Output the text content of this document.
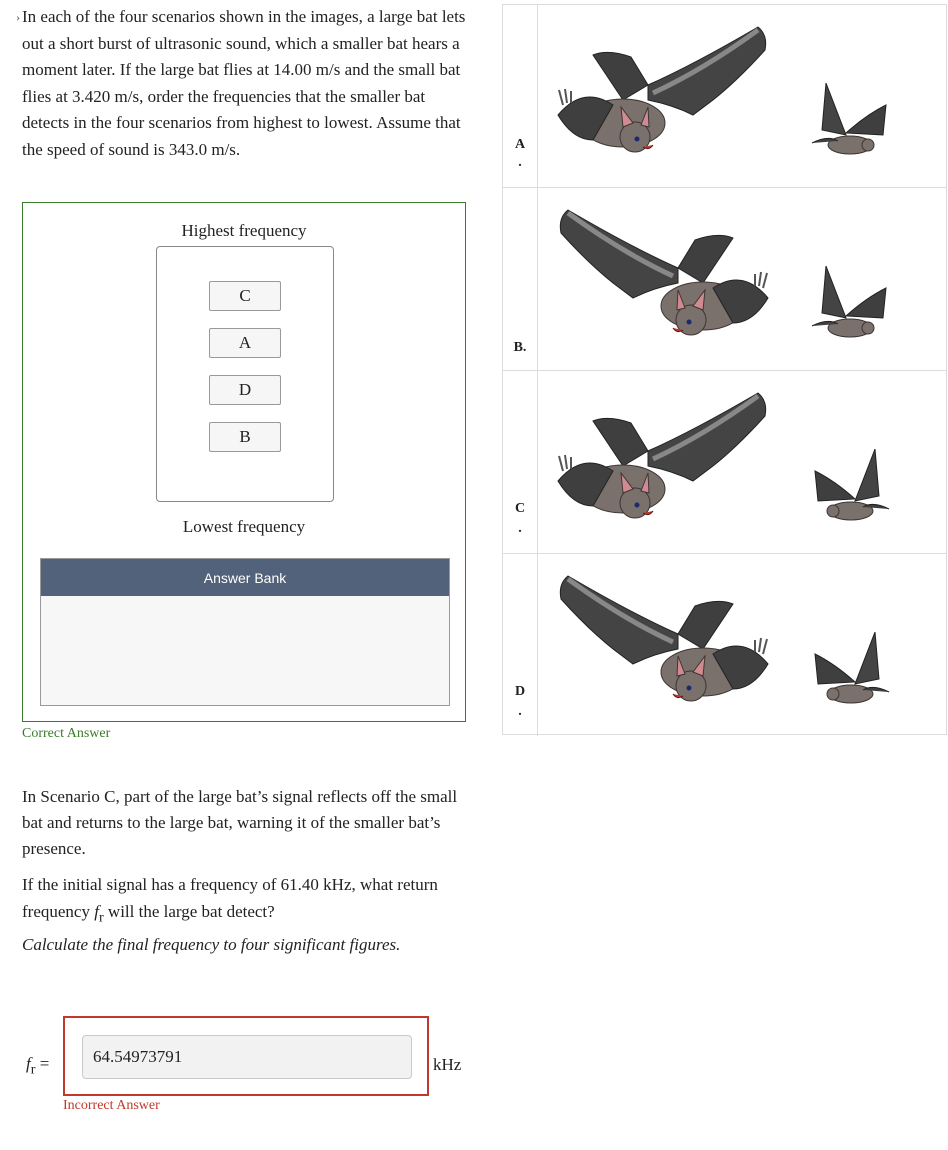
› In each of the four scenarios shown in the images, a large bat lets out a short burst of ultrasonic sound, which a smaller bat hears a moment later. If the large bat flies at 14.00 m/s and the small bat flies at 3.420 m/s, order the frequencies that the smaller bat detects in the four scenarios from highest to lowest. Assume that the speed of sound is 343.0 m/s.
Highest frequency
C
A
D
B
Lowest frequency
Answer Bank
Correct Answer
A
.
B.
C
.
D
.
In Scenario C, part of the large bat’s signal reflects off the small bat and returns to the large bat, warning it of the smaller bat’s presence.
If the initial signal has a frequency of 61.40 kHz, what return frequency $f_r$ will the large bat detect?
Calculate the final frequency to four significant figures.
$f_r$ =
64.54973791	kHz
Incorrect Answer
